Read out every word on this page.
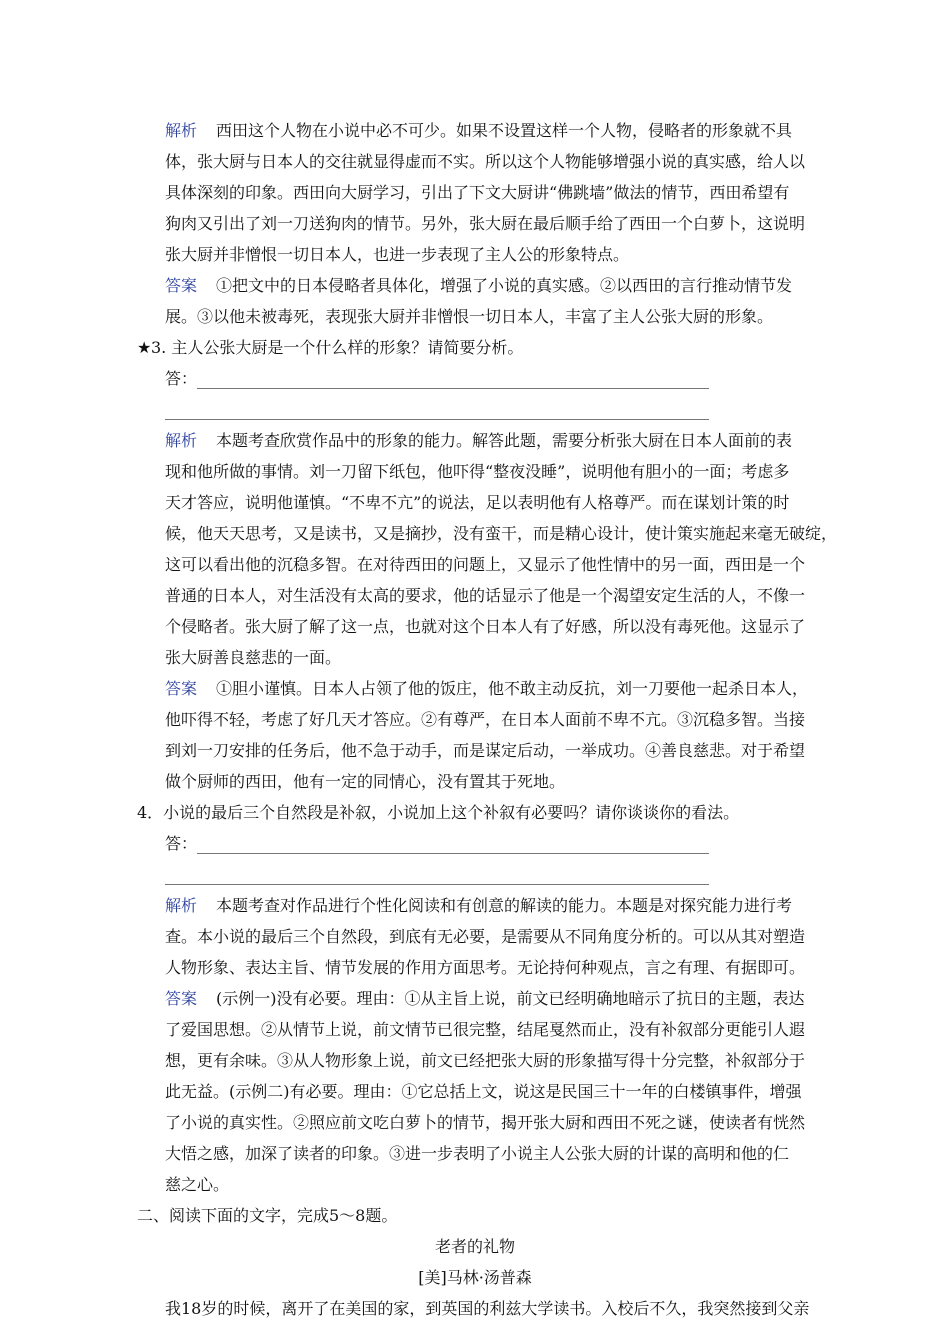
解析 西田这个人物在小说中必不可少。如果不设置这样一个人物，侵略者的形象就不具
体，张大厨与日本人的交往就显得虚而不实。所以这个人物能够增强小说的真实感，给人以
具体深刻的印象。西田向大厨学习，引出了下文大厨讲“佛跳墙”做法的情节，西田希望有
狗肉又引出了刘一刀送狗肉的情节。另外，张大厨在最后顺手给了西田一个白萝卜，这说明
张大厨并非憎恨一切日本人，也进一步表现了主人公的形象特点。
答案 ①把文中的日本侵略者具体化，增强了小说的真实感。②以西田的言行推动情节发
展。③以他未被毒死，表现张大厨并非憎恨一切日本人，丰富了主人公张大厨的形象。
★ 3. 主人公张大厨是一个什么样的形象？请简要分析。
答：
解析 本题考查欣赏作品中的形象的能力。解答此题，需要分析张大厨在日本人面前的表
现和他所做的事情。刘一刀留下纸包，他吓得“整夜没睡”，说明他有胆小的一面；考虑多
天才答应，说明他谨慎。“不卑不亢”的说法，足以表明他有人格尊严。而在谋划计策的时
候，他天天思考，又是读书，又是摘抄，没有蛮干，而是精心设计，使计策实施起来毫无破绽，
这可以看出他的沉稳多智。在对待西田的问题上，又显示了他性情中的另一面，西田是一个
普通的日本人，对生活没有太高的要求，他的话显示了他是一个渴望安定生活的人，不像一
个侵略者。张大厨了解了这一点，也就对这个日本人有了好感，所以没有毒死他。这显示了
张大厨善良慈悲的一面。
答案 ①胆小谨慎。日本人占领了他的饭庄，他不敢主动反抗，刘一刀要他一起杀日本人，
他吓得不轻，考虑了好几天才答应。②有尊严，在日本人面前不卑不亢。③沉稳多智。当接
到刘一刀安排的任务后，他不急于动手，而是谋定后动，一举成功。④善良慈悲。对于希望
做个厨师的西田，他有一定的同情心，没有置其于死地。
4．小说的最后三个自然段是补叙，小说加上这个补叙有必要吗？请你谈谈你的看法。
答：
解析 本题考查对作品进行个性化阅读和有创意的解读的能力。本题是对探究能力进行考
查。本小说的最后三个自然段，到底有无必要，是需要从不同角度分析的。可以从其对塑造
人物形象、表达主旨、情节发展的作用方面思考。无论持何种观点，言之有理、有据即可。
答案 (示例一)没有必要。理由：①从主旨上说，前文已经明确地暗示了抗日的主题，表达
了爱国思想。②从情节上说，前文情节已很完整，结尾戛然而止，没有补叙部分更能引人遐
想，更有余味。③从人物形象上说，前文已经把张大厨的形象描写得十分完整，补叙部分于
此无益。(示例二)有必要。理由：①它总括上文，说这是民国三十一年的白楼镇事件，增强
了小说的真实性。②照应前文吃白萝卜的情节，揭开张大厨和西田不死之谜，使读者有恍然
大悟之感，加深了读者的印象。③进一步表明了小说主人公张大厨的计谋的高明和他的仁
慈之心。
二、阅读下面的文字，完成5～8题。
老者的礼物
[美]马林·汤普森
我18岁的时候，离开了在美国的家，到英国的利兹大学读书。入校后不久，我突然接到父亲
